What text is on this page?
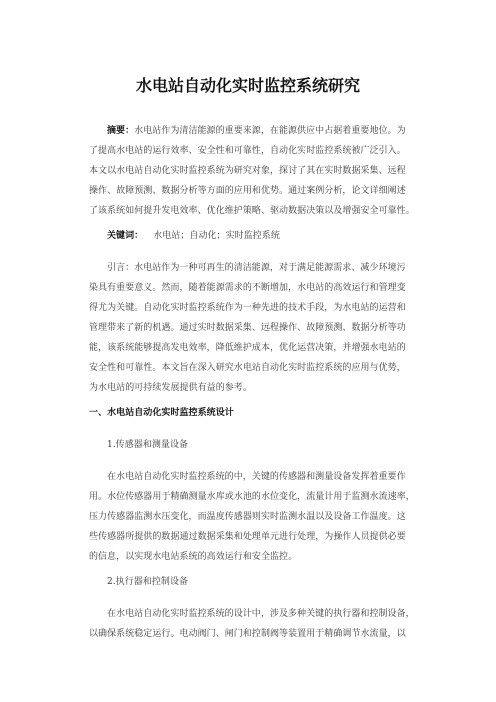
水电站自动化实时监控系统研究
摘要：水电站作为清洁能源的重要来源，在能源供应中占据着重要地位。为
了提高水电站的运行效率、安全性和可靠性，自动化实时监控系统被广泛引入。
本文以水电站自动化实时监控系统为研究对象，探讨了其在实时数据采集、远程
操作、故障预测、数据分析等方面的应用和优势。通过案例分析，论文详细阐述
了该系统如何提升发电效率、优化维护策略、驱动数据决策以及增强安全可靠性。
关键词： 水电站；自动化；实时监控系统
引言：水电站作为一种可再生的清洁能源，对于满足能源需求、减少环境污
染具有重要意义。然而，随着能源需求的不断增加，水电站的高效运行和管理变
得尤为关键。自动化实时监控系统作为一种先进的技术手段，为水电站的运营和
管理带来了新的机遇。通过实时数据采集、远程操作、故障预测、数据分析等功
能，该系统能够提高发电效率，降低维护成本，优化运营决策，并增强水电站的
安全性和可靠性。本文旨在深入研究水电站自动化实时监控系统的应用与优势，
为水电站的可持续发展提供有益的参考。
一、水电站自动化实时监控系统设计
1.传感器和测量设备
在水电站自动化实时监控系统的中，关键的传感器和测量设备发挥着重要作
用。水位传感器用于精确测量水库或水池的水位变化，流量计用于监测水流速率，
压力传感器监测水压变化，而温度传感器则实时监测水温以及设备工作温度。这
些传感器所提供的数据通过数据采集和处理单元进行处理，为操作人员提供必要
的信息，以实现水电站系统的高效运行和安全监控。
2.执行器和控制设备
在水电站自动化实时监控系统的设计中，涉及多种关键的执行器和控制设备，
以确保系统稳定运行。电动阀门、闸门和控制阀等装置用于精确调节水流量，以
